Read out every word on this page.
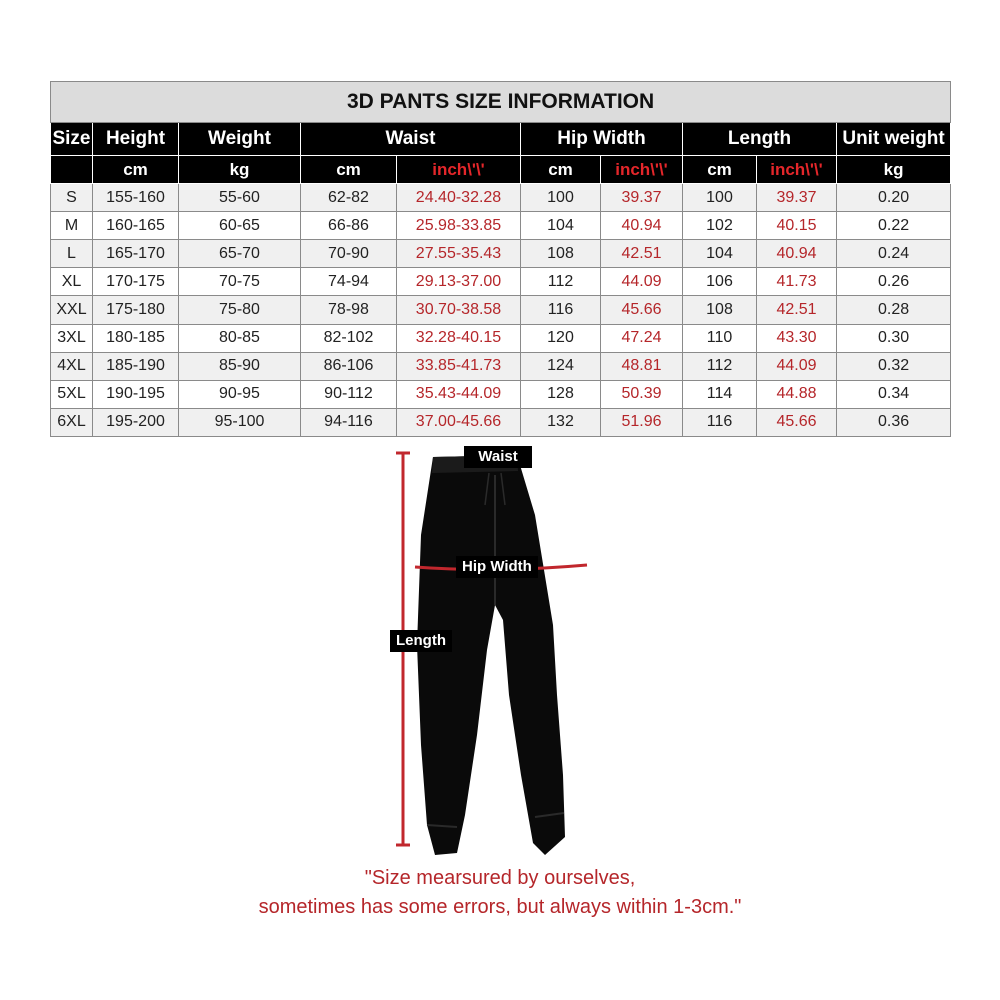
3D PANTS SIZE INFORMATION									
Size	Height	Weight	Waist		Hip Width		Length		Unit weight
	cm	kg	cm	inch\'\'	cm	inch\'\'	cm	inch\'\'	kg
S	155-160	55-60	62-82	24.40-32.28	100	39.37	100	39.37	0.20
M	160-165	60-65	66-86	25.98-33.85	104	40.94	102	40.15	0.22
L	165-170	65-70	70-90	27.55-35.43	108	42.51	104	40.94	0.24
XL	170-175	70-75	74-94	29.13-37.00	112	44.09	106	41.73	0.26
XXL	175-180	75-80	78-98	30.70-38.58	116	45.66	108	42.51	0.28
3XL	180-185	80-85	82-102	32.28-40.15	120	47.24	110	43.30	0.30
4XL	185-190	85-90	86-106	33.85-41.73	124	48.81	112	44.09	0.32
5XL	190-195	90-95	90-112	35.43-44.09	128	50.39	114	44.88	0.34
6XL	195-200	95-100	94-116	37.00-45.66	132	51.96	116	45.66	0.36
Waist
Hip Width
Length
"Size mearsured by ourselves,
sometimes has some errors, but always within 1-3cm."
